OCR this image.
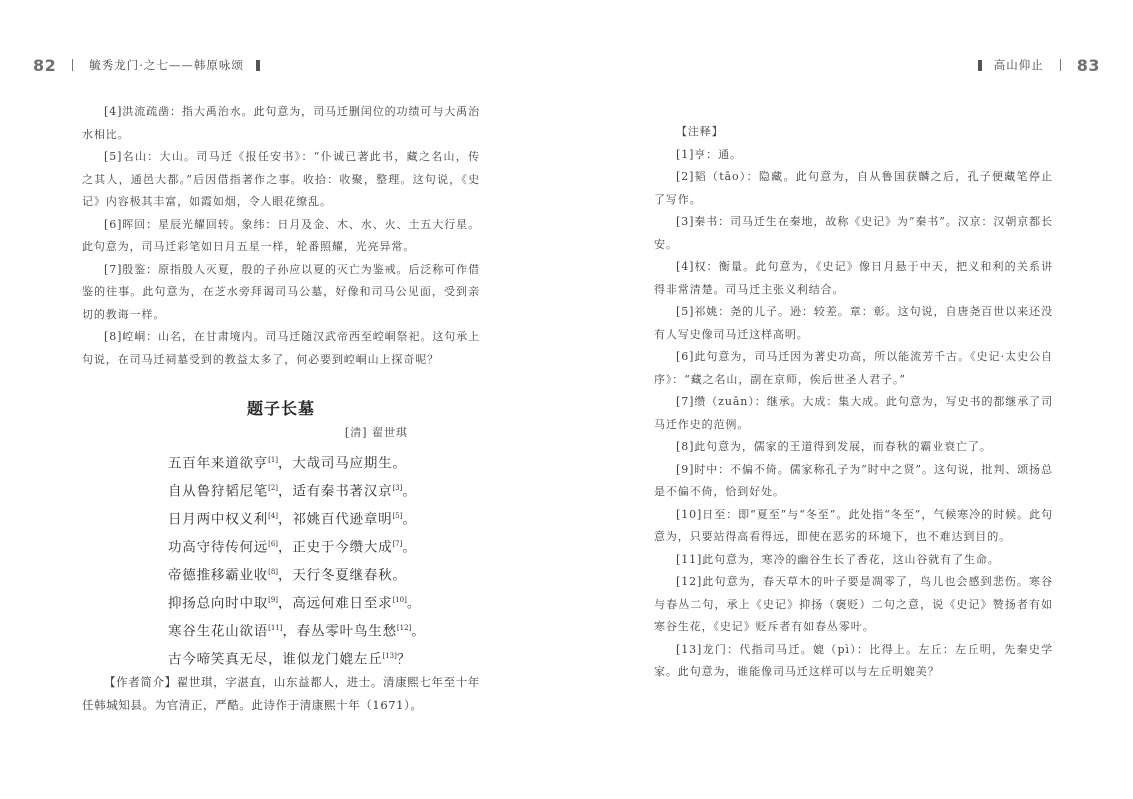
82	毓秀龙门·之七——韩原咏颂

[4]洪流疏凿：指大禹治水。此句意为，司马迁删闰位的功绩可与大禹治水相比。

[5]名山：大山。司马迁《报任安书》：“仆诚已著此书，藏之名山，传之其人，通邑大都。”后因借指著作之事。收拾：收聚，整理。这句说，《史记》内容极其丰富，如霞如烟，令人眼花缭乱。

[6]晖回：星辰光耀回转。象纬：日月及金、木、水、火、土五大行星。此句意为，司马迁彩笔如日月五星一样，轮番照耀，光亮异常。

[7]殷鉴：原指殷人灭夏，殷的子孙应以夏的灭亡为鉴戒。后泛称可作借鉴的往事。此句意为，在芝水旁拜谒司马公墓，好像和司马公见面，受到亲切的教诲一样。

[8]崆峒：山名，在甘肃境内。司马迁随汉武帝西至崆峒祭祀。这句承上句说，在司马迁祠墓受到的教益太多了，何必要到崆峒山上探奇呢？

题子长墓
[清] 翟世琪
五百年来道欲亨[1]，大哉司马应期生。
自从鲁狩韬尼笔[2]，适有秦书著汉京[3]。
日月两中权义利[4]，祁姚百代逊章明[5]。
功高守待传何远[6]，正史于今缵大成[7]。
帝德推移霸业收[8]，天行冬夏继春秋。
抑扬总向时中取[9]，高远何难日至求[10]。
寒谷生花山欲语[11]，春丛零叶鸟生愁[12]。
古今啼笑真无尽，谁似龙门媲左丘[13]？

【作者简介】翟世琪，字湛直，山东益都人，进士。清康熙七年至十年任韩城知县。为官清正，严酷。此诗作于清康熙十年（1671）。

高山仰止 83

【注释】

[1]亨：通。

[2]韬（tāo）：隐藏。此句意为，自从鲁国获麟之后，孔子便藏笔停止了写作。

[3]秦书：司马迁生在秦地，故称《史记》为“秦书”。汉京：汉朝京都长安。

[4]权：衡量。此句意为，《史记》像日月悬于中天，把义和利的关系讲得非常清楚。司马迁主张义利结合。

[5]祁姚：尧的儿子。逊：较差。章：彰。这句说，自唐尧百世以来还没有人写史像司马迁这样高明。

[6]此句意为，司马迁因为著史功高，所以能流芳千古。《史记·太史公自序》：“藏之名山，副在京师，俟后世圣人君子。”

[7]缵（zuǎn）：继承。大成：集大成。此句意为，写史书的都继承了司马迁作史的范例。

[8]此句意为，儒家的王道得到发展，而春秋的霸业衰亡了。

[9]时中：不偏不倚。儒家称孔子为“时中之贤”。这句说，批判、颂扬总是不偏不倚，恰到好处。

[10]日至：即“夏至”与“冬至”。此处指“冬至”，气候寒冷的时候。此句意为，只要站得高看得远，即使在恶劣的环境下，也不难达到目的。

[11]此句意为，寒冷的幽谷生长了香花，这山谷就有了生命。

[12]此句意为，春天草木的叶子要是凋零了，鸟儿也会感到悲伤。寒谷与春丛二句，承上《史记》抑扬（褒贬）二句之意，说《史记》赞扬者有如寒谷生花，《史记》贬斥者有如春丛零叶。

[13]龙门：代指司马迁。媲（pì）：比得上。左丘：左丘明，先秦史学家。此句意为，谁能像司马迁这样可以与左丘明媲美？
